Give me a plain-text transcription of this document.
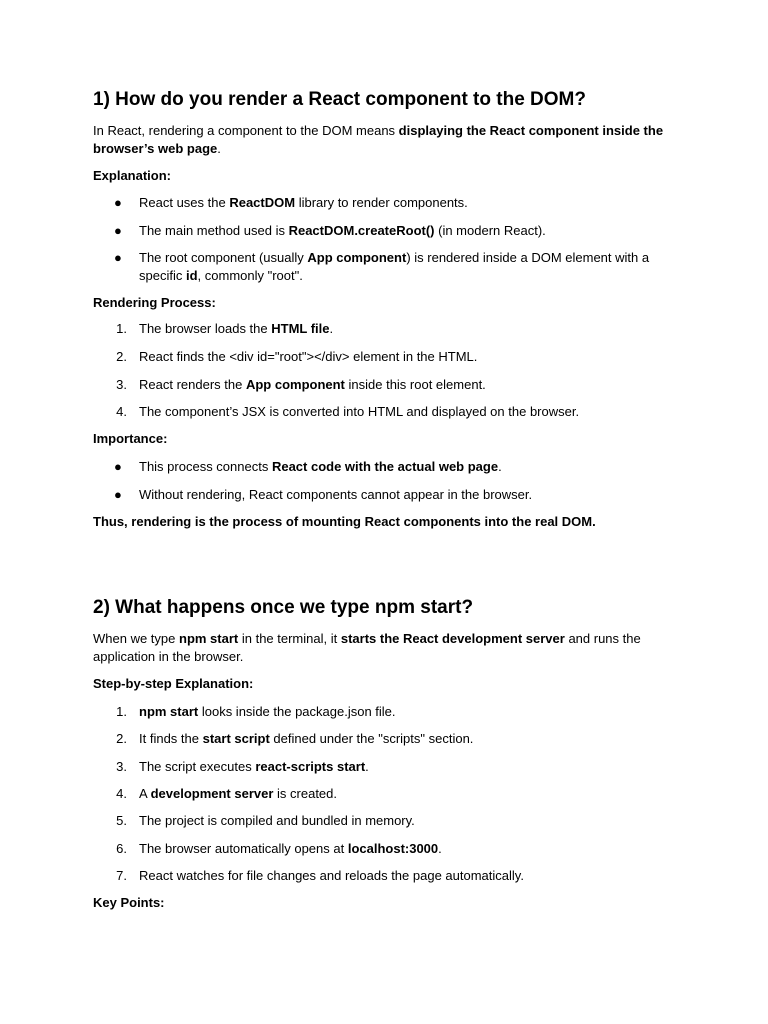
1) How do you render a React component to the DOM?

In React, rendering a component to the DOM means displaying the React component inside the browser’s web page.

Explanation:

● React uses the ReactDOM library to render components.
● The main method used is ReactDOM.createRoot() (in modern React).
● The root component (usually App component) is rendered inside a DOM element with a specific id, commonly "root".

Rendering Process:

1. The browser loads the HTML file.
2. React finds the <div id="root"></div> element in the HTML.
3. React renders the App component inside this root element.
4. The component’s JSX is converted into HTML and displayed on the browser.

Importance:

● This process connects React code with the actual web page.
● Without rendering, React components cannot appear in the browser.

Thus, rendering is the process of mounting React components into the real DOM.

2) What happens once we type npm start?

When we type npm start in the terminal, it starts the React development server and runs the application in the browser.

Step-by-step Explanation:

1. npm start looks inside the package.json file.
2. It finds the start script defined under the "scripts" section.
3. The script executes react-scripts start.
4. A development server is created.
5. The project is compiled and bundled in memory.
6. The browser automatically opens at localhost:3000.
7. React watches for file changes and reloads the page automatically.

Key Points:
